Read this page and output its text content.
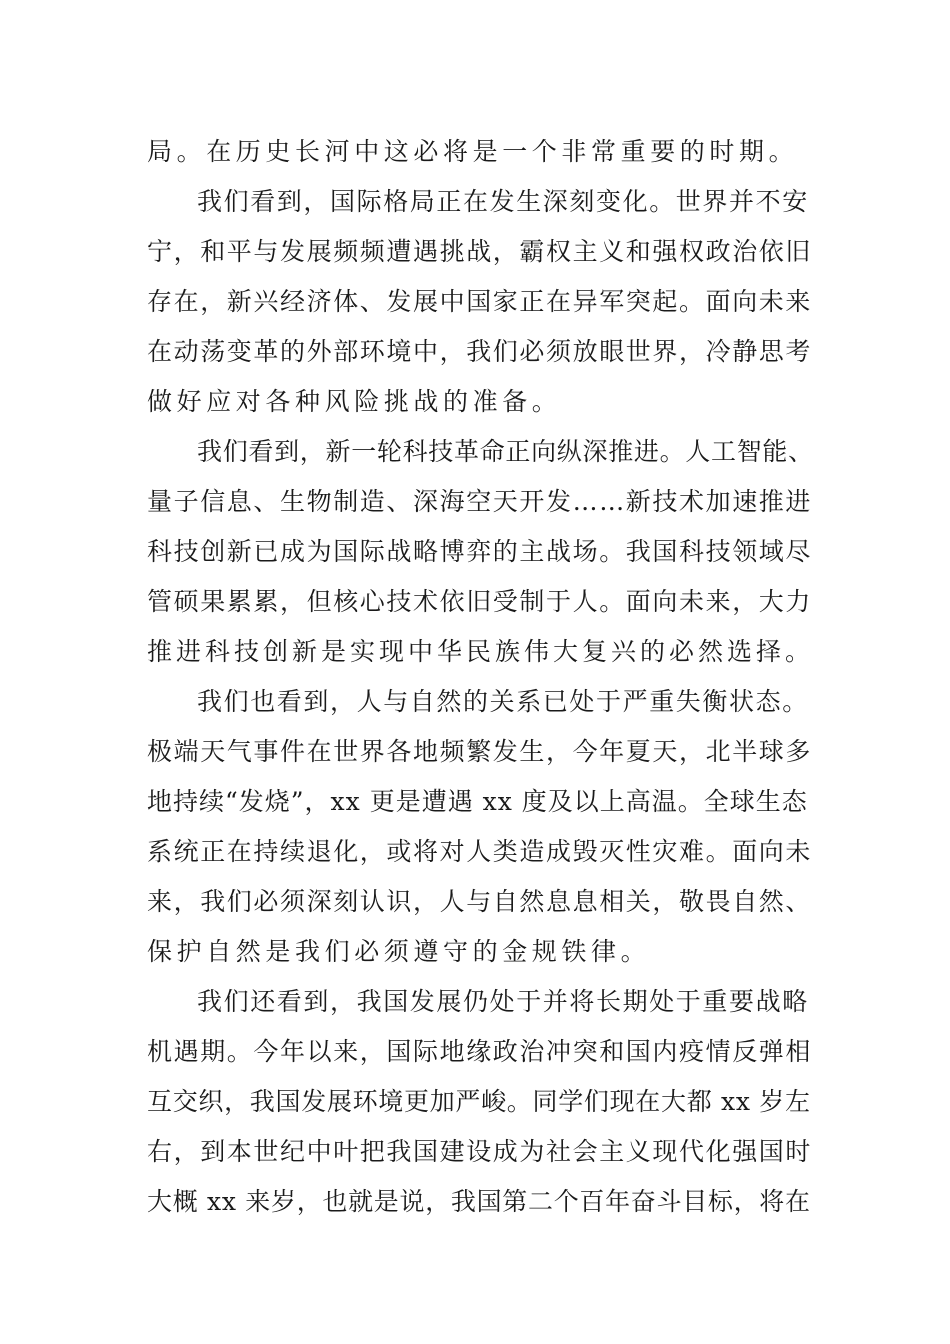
局。在历史长河中这必将是一个非常重要的时期。
我们看到，国际格局正在发生深刻变化。世界并不安
宁，和平与发展频频遭遇挑战，霸权主义和强权政治依旧
存在，新兴经济体、发展中国家正在异军突起。面向未来
在动荡变革的外部环境中，我们必须放眼世界，冷静思考
做好应对各种风险挑战的准备。
我们看到，新一轮科技革命正向纵深推进。人工智能、
量子信息、生物制造、深海空天开发……新技术加速推进
科技创新已成为国际战略博弈的主战场。我国科技领域尽
管硕果累累，但核心技术依旧受制于人。面向未来，大力
推进科技创新是实现中华民族伟大复兴的必然选择。
我们也看到，人与自然的关系已处于严重失衡状态。
极端天气事件在世界各地频繁发生，今年夏天，北半球多
地持续“发烧”，xx 更是遭遇 xx 度及以上高温。全球生态
系统正在持续退化，或将对人类造成毁灭性灾难。面向未
来，我们必须深刻认识，人与自然息息相关，敬畏自然、
保护自然是我们必须遵守的金规铁律。
我们还看到，我国发展仍处于并将长期处于重要战略
机遇期。今年以来，国际地缘政治冲突和国内疫情反弹相
互交织，我国发展环境更加严峻。同学们现在大都 xx 岁左
右，到本世纪中叶把我国建设成为社会主义现代化强国时
大概 xx 来岁，也就是说，我国第二个百年奋斗目标，将在
